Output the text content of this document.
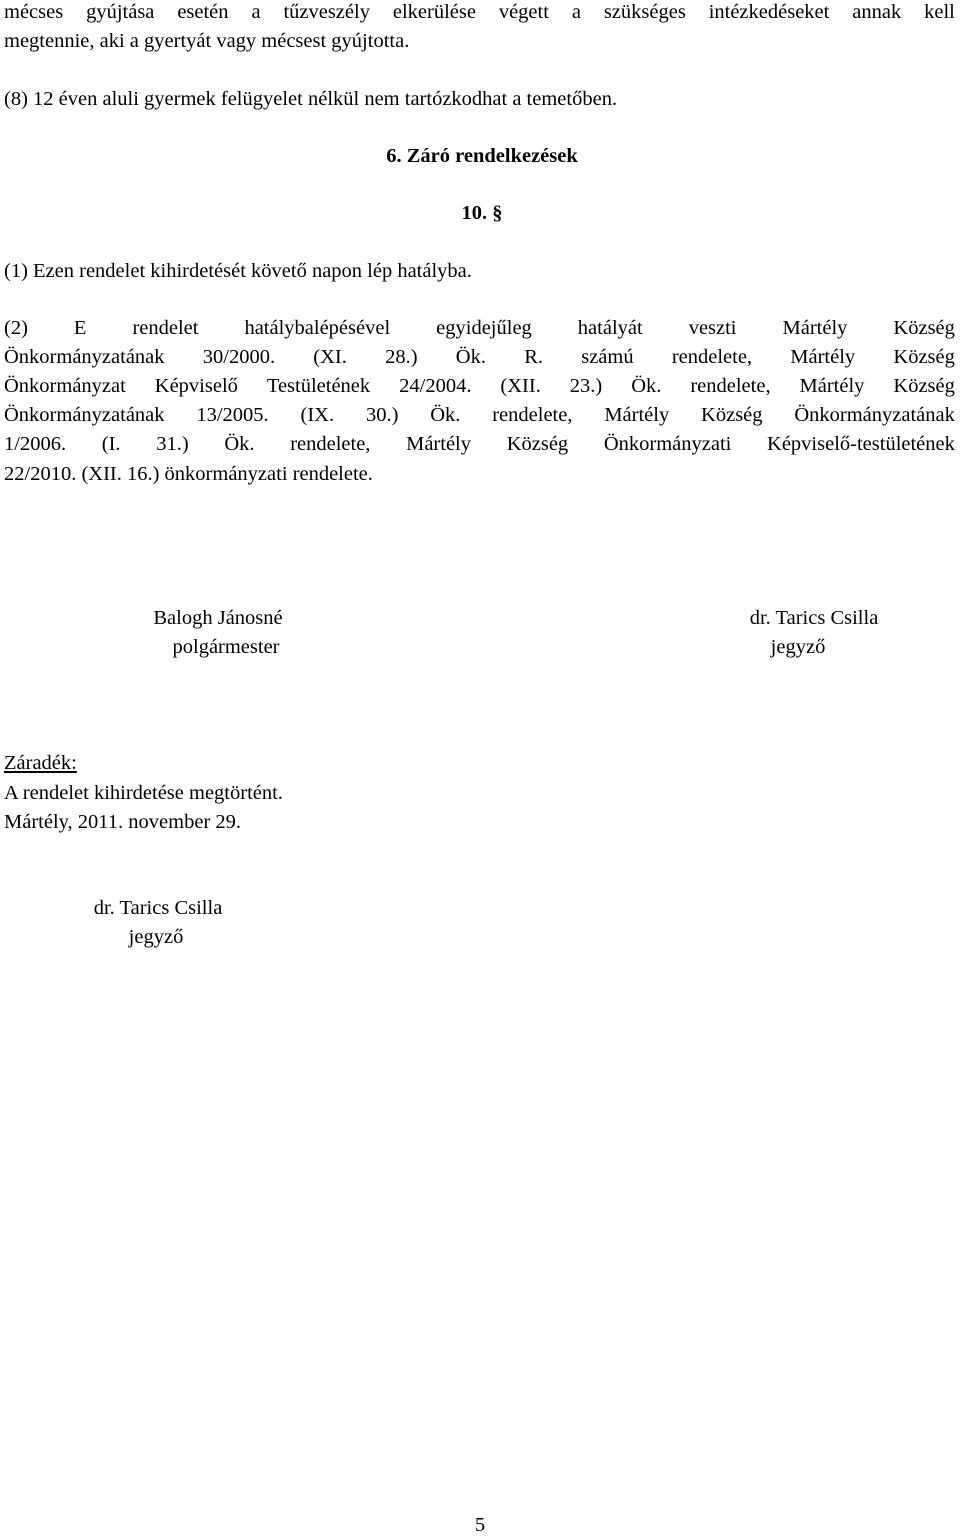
mécses gyújtása esetén a tűzveszély elkerülése végett a szükséges intézkedéseket annak kell
megtennie, aki a gyertyát vagy mécsest gyújtotta.
(8) 12 éven aluli gyermek felügyelet nélkül nem tartózkodhat a temetőben.
6. Záró rendelkezések
10. §
(1) Ezen rendelet kihirdetését követő napon lép hatályba.
(2) E rendelet hatálybalépésével egyidejűleg hatályát veszti Mártély Község
Önkormányzatának 30/2000. (XI. 28.) Ök. R. számú rendelete, Mártély Község
Önkormányzat Képviselő Testületének 24/2004. (XII. 23.) Ök. rendelete, Mártély Község
Önkormányzatának 13/2005. (IX. 30.) Ök. rendelete, Mártély Község Önkormányzatának
1/2006. (I. 31.) Ök. rendelete, Mártély Község Önkormányzati Képviselő-testületének
22/2010. (XII. 16.) önkormányzati rendelete.
Balogh Jánosné
polgármester
dr. Tarics Csilla
jegyző
Záradék:
A rendelet kihirdetése megtörtént.
Mártély, 2011. november 29.
dr. Tarics Csilla
jegyző
5
